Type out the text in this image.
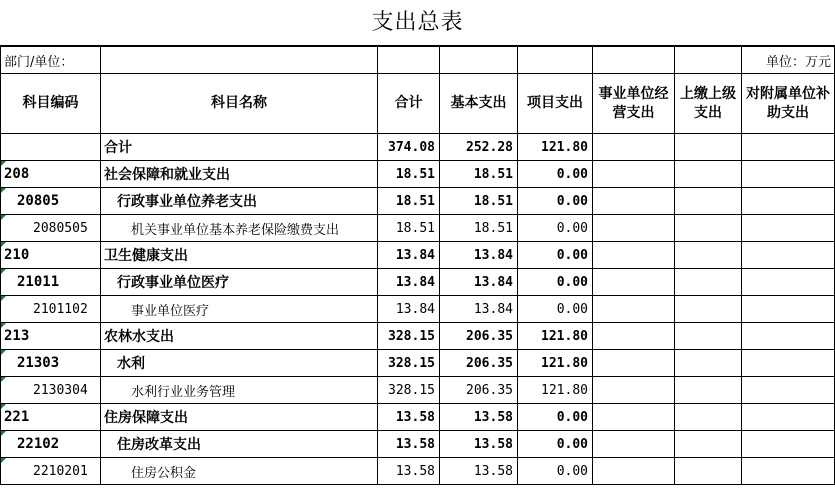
支出总表
部门/单位：							单位：万元
科目编码	科目名称	合计	基本支出	项目支出	事业单位经营支出	上缴上级支出	对附属单位补助支出
	合计	374.08	252.28	121.80			
208	社会保障和就业支出	18.51	18.51	0.00			
20805	行政事业单位养老支出	18.51	18.51	0.00			
2080505	机关事业单位基本养老保险缴费支出	18.51	18.51	0.00			
210	卫生健康支出	13.84	13.84	0.00			
21011	行政事业单位医疗	13.84	13.84	0.00			
2101102	事业单位医疗	13.84	13.84	0.00			
213	农林水支出	328.15	206.35	121.80			
21303	水利	328.15	206.35	121.80			
2130304	水利行业业务管理	328.15	206.35	121.80			
221	住房保障支出	13.58	13.58	0.00			
22102	住房改革支出	13.58	13.58	0.00			
2210201	住房公积金	13.58	13.58	0.00			
